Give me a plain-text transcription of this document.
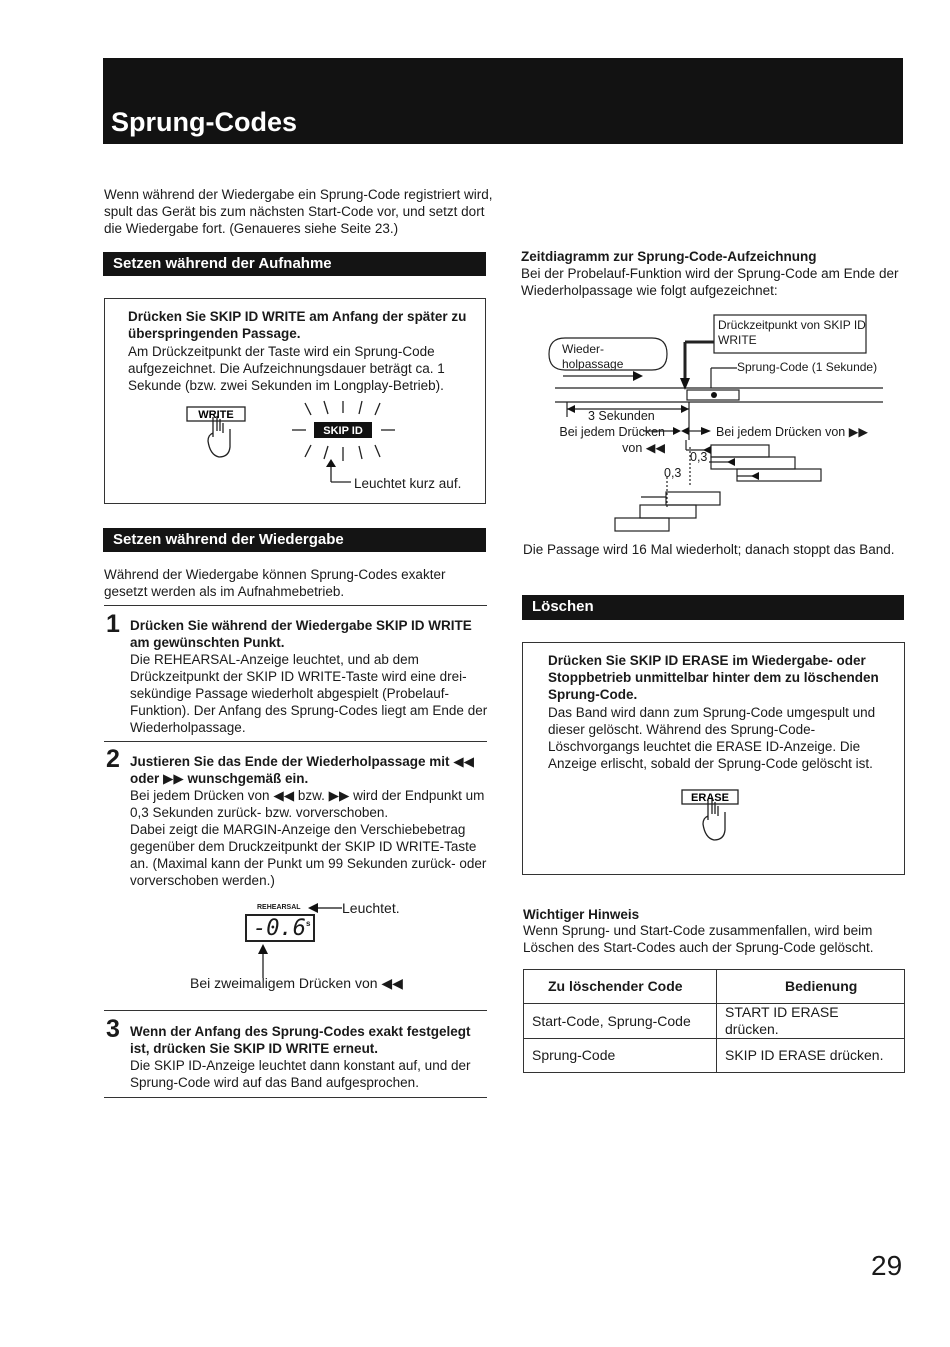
Sprung-Codes

Wenn während der Wiedergabe ein Sprung-Code registriert wird, spult das Gerät bis zum nächsten Start-Code vor, und setzt dort die Wiedergabe fort. (Genaueres siehe Seite 23.)

Setzen während der Aufnahme

Drücken Sie SKIP ID WRITE am Anfang der später zu überspringenden Passage.

Am Drückzeitpunkt der Taste wird ein Sprung-Code aufgezeichnet. Die Aufzeichnungsdauer beträgt ca. 1 Sekunde (bzw. zwei Sekunden im Longplay-Betrieb).

WRITE
SKIP ID
Leuchtet kurz auf.
Setzen während der Wiedergabe

Während der Wiedergabe können Sprung-Codes exakter gesetzt werden als im Aufnahmebetrieb.

1 Drücken Sie während der Wiedergabe SKIP ID WRITE am gewünschten Punkt.

Die REHEARSAL-Anzeige leuchtet, und ab dem Drückzeitpunkt der SKIP ID WRITE-Taste wird eine drei-sekündige Passage wiederholt abgespielt (Probelauf-Funktion). Der Anfang des Sprung-Codes liegt am Ende der Wiederholpassage.

2 Justieren Sie das Ende der Wiederholpassage mit ◀◀ oder ▶▶ wunschgemäß ein.

Bei jedem Drücken von ◀◀ bzw. ▶▶ wird der Endpunkt um 0,3 Sekunden zurück- bzw. vorverschoben.

Dabei zeigt die MARGIN-Anzeige den Verschiebebetrag gegenüber dem Druckzeitpunkt der SKIP ID WRITE-Taste an. (Maximal kann der Punkt um 99 Sekunden zurück- oder vorverschoben werden.)

REHEARSAL	Leuchtet.
-0.6 s
Bei zweimaligem Drücken von ◀◀
3 Wenn der Anfang des Sprung-Codes exakt festgelegt ist, drücken Sie SKIP ID WRITE erneut.

Die SKIP ID-Anzeige leuchtet dann konstant auf, und der Sprung-Code wird auf das Band aufgesprochen.

Zeitdiagramm zur Sprung-Code-Aufzeichnung

Bei der Probelauf-Funktion wird der Sprung-Code am Ende der Wiederholpassage wie folgt aufgezeichnet:

Wieder-
holpassage
Drückzeitpunkt von SKIP ID WRITE
Sprung-Code (1 Sekunde)
3 Sekunden
Bei jedem Drücken
von ◀◀
Bei jedem Drücken von ▶▶
0,3
0,3

Die Passage wird 16 Mal wiederholt; danach stoppt das Band.

Löschen

Drücken Sie SKIP ID ERASE im Wiedergabe- oder Stoppbetrieb unmittelbar hinter dem zu löschenden Sprung-Code.

Das Band wird dann zum Sprung-Code umgespult und dieser gelöscht. Während des Sprung-Code-Löschvorgangs leuchtet die ERASE ID-Anzeige. Die Anzeige erlischt, sobald der Sprung-Code gelöscht ist.

ERASE

Wichtiger Hinweis

Wenn Sprung- und Start-Code zusammenfallen, wird beim Löschen des Start-Codes auch der Sprung-Code gelöscht.

Zu löschender Code	Bedienung
Start-Code, Sprung-Code	START ID ERASE drücken.
Sprung-Code	SKIP ID ERASE drücken.
29
